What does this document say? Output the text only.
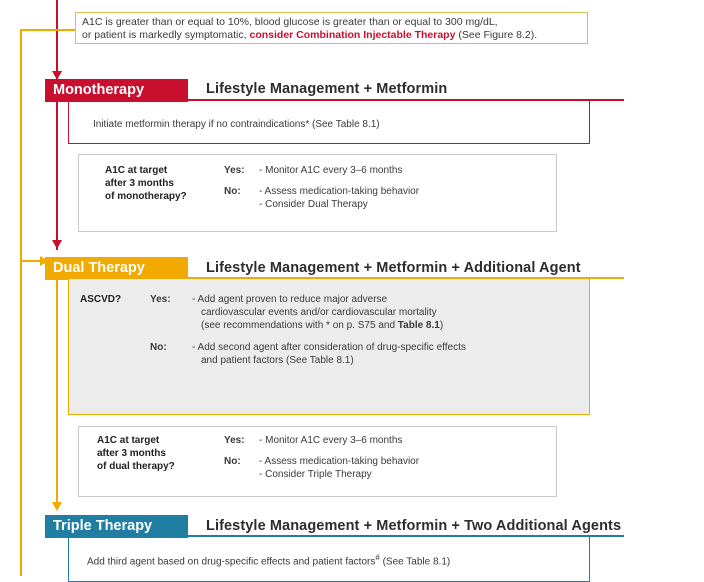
A1C is greater than or equal to 10%, blood glucose is greater than or equal to 300 mg/dL,
or patient is markedly symptomatic, consider Combination Injectable Therapy (See Figure 8.2).
Monotherapy	Lifestyle Management + Metformin
Initiate metformin therapy if no contraindications* (See Table 8.1)
A1C at target
after 3 months
of monotherapy?
Yes: - Monitor A1C every 3–6 months
No: - Assess medication-taking behavior
- Consider Dual Therapy
Dual Therapy	Lifestyle Management + Metformin + Additional Agent
ASCVD?	Yes: - Add agent proven to reduce major adverse
cardiovascular events and/or cardiovascular mortality
(see recommendations with * on p. S75 and Table 8.1)
No:	- Add second agent after consideration of drug-specific effects
and patient factors (See Table 8.1)
A1C at target
after 3 months
of dual therapy?
Yes: - Monitor A1C every 3–6 months
No: - Assess medication-taking behavior
- Consider Triple Therapy
Triple Therapy	Lifestyle Management + Metformin + Two Additional Agents
Add third agent based on drug-specific effects and patient factors# (See Table 8.1)
